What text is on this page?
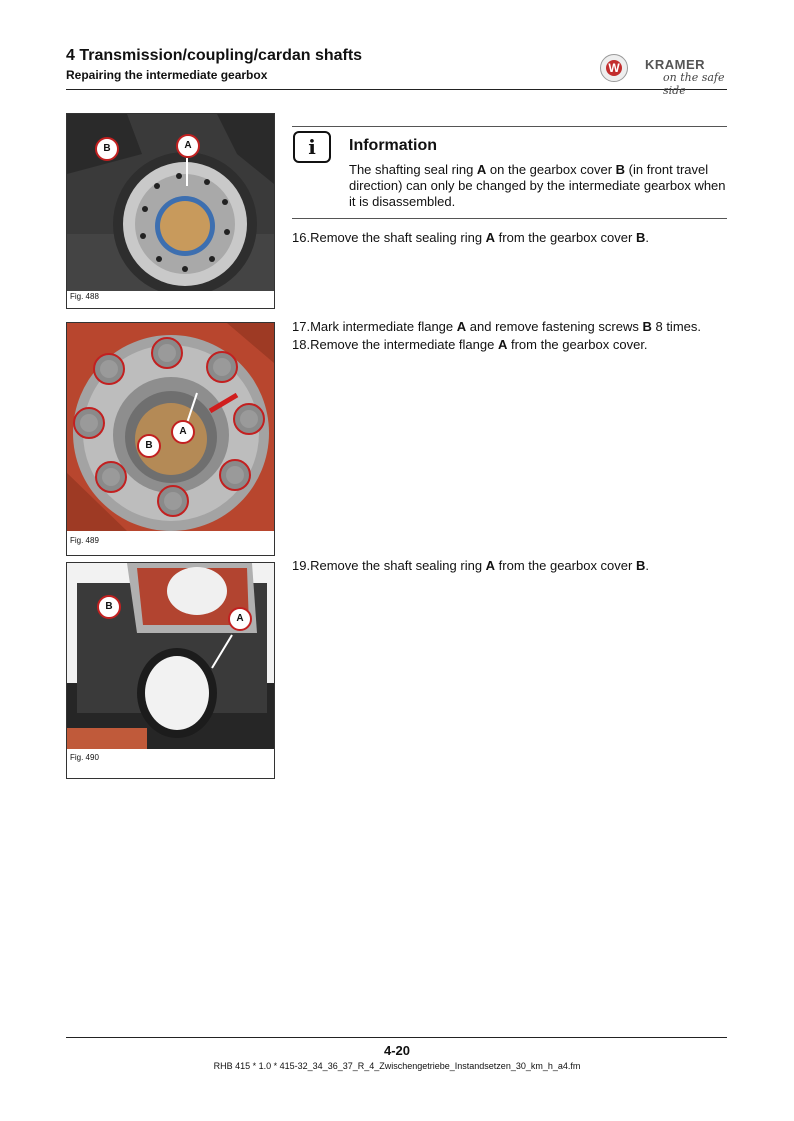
4 Transmission/coupling/cardan shafts
Repairing the intermediate gearbox	W KRAMER
on the safe side
B	A
Fig. 488
A
B
Fig. 489
B
A
Fig. 490
i	Information
The shafting seal ring A on the gearbox cover B (in front travel direction) can only be changed by the intermediate gearbox when it is disassembled.
16.Remove the shaft sealing ring A from the gearbox cover B.
17.Mark intermediate flange A and remove fastening screws B 8 times.
18.Remove the intermediate flange A from the gearbox cover.
19.Remove the shaft sealing ring A from the gearbox cover B.
4-20
RHB 415 * 1.0 * 415-32_34_36_37_R_4_Zwischengetriebe_Instandsetzen_30_km_h_a4.fm
